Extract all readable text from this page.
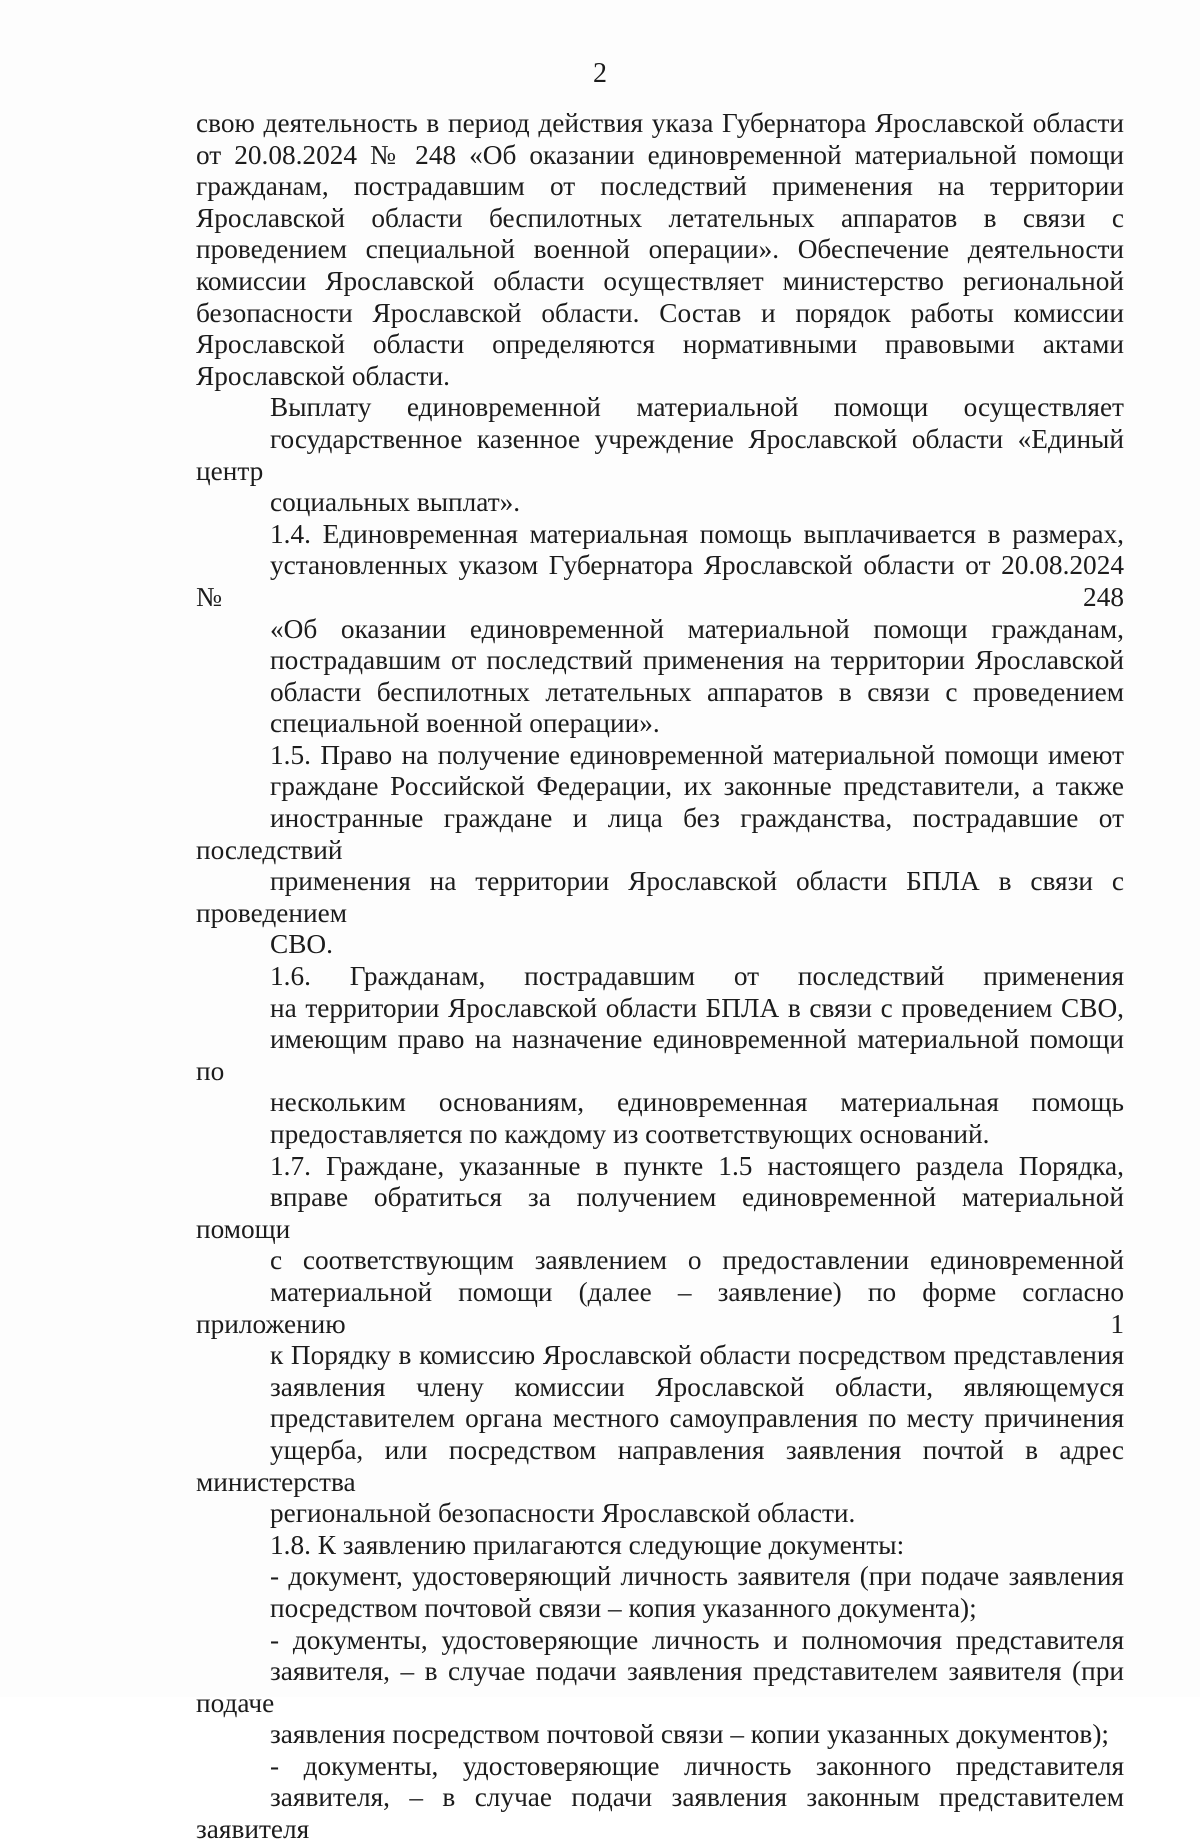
2
свою деятельность в период действия указа Губернатора Ярославской области
от 20.08.2024 № 248 «Об оказании единовременной материальной помощи
гражданам, пострадавшим от последствий применения на территории
Ярославской области беспилотных летательных аппаратов в связи с
проведением специальной военной операции». Обеспечение деятельности
комиссии Ярославской области осуществляет министерство региональной
безопасности Ярославской области. Состав и порядок работы комиссии
Ярославской области определяются нормативными правовыми актами
Ярославской области.
Выплату единовременной материальной помощи осуществляет
государственное казенное учреждение Ярославской области «Единый центр
социальных выплат».
1.4. Единовременная материальная помощь выплачивается в размерах,
установленных указом Губернатора Ярославской области от 20.08.2024 № 248
«Об оказании единовременной материальной помощи гражданам,
пострадавшим от последствий применения на территории Ярославской
области беспилотных летательных аппаратов в связи с проведением
специальной военной операции».
1.5. Право на получение единовременной материальной помощи имеют
граждане Российской Федерации, их законные представители, а также
иностранные граждане и лица без гражданства, пострадавшие от последствий
применения на территории Ярославской области БПЛА в связи с проведением
СВО.
1.6. Гражданам, пострадавшим от последствий применения
на территории Ярославской области БПЛА в связи с проведением СВО,
имеющим право на назначение единовременной материальной помощи по
нескольким основаниям, единовременная материальная помощь
предоставляется по каждому из соответствующих оснований.
1.7. Граждане, указанные в пункте 1.5 настоящего раздела Порядка,
вправе обратиться за получением единовременной материальной помощи
с соответствующим заявлением о предоставлении единовременной
материальной помощи (далее – заявление) по форме согласно приложению 1
к Порядку в комиссию Ярославской области посредством представления
заявления члену комиссии Ярославской области, являющемуся
представителем органа местного самоуправления по месту причинения
ущерба, или посредством направления заявления почтой в адрес министерства
региональной безопасности Ярославской области.
1.8. К заявлению прилагаются следующие документы:
- документ, удостоверяющий личность заявителя (при подаче заявления
посредством почтовой связи – копия указанного документа);
- документы, удостоверяющие личность и полномочия представителя
заявителя, – в случае подачи заявления представителем заявителя (при подаче
заявления посредством почтовой связи – копии указанных документов);
- документы, удостоверяющие личность законного представителя
заявителя, – в случае подачи заявления законным представителем заявителя
